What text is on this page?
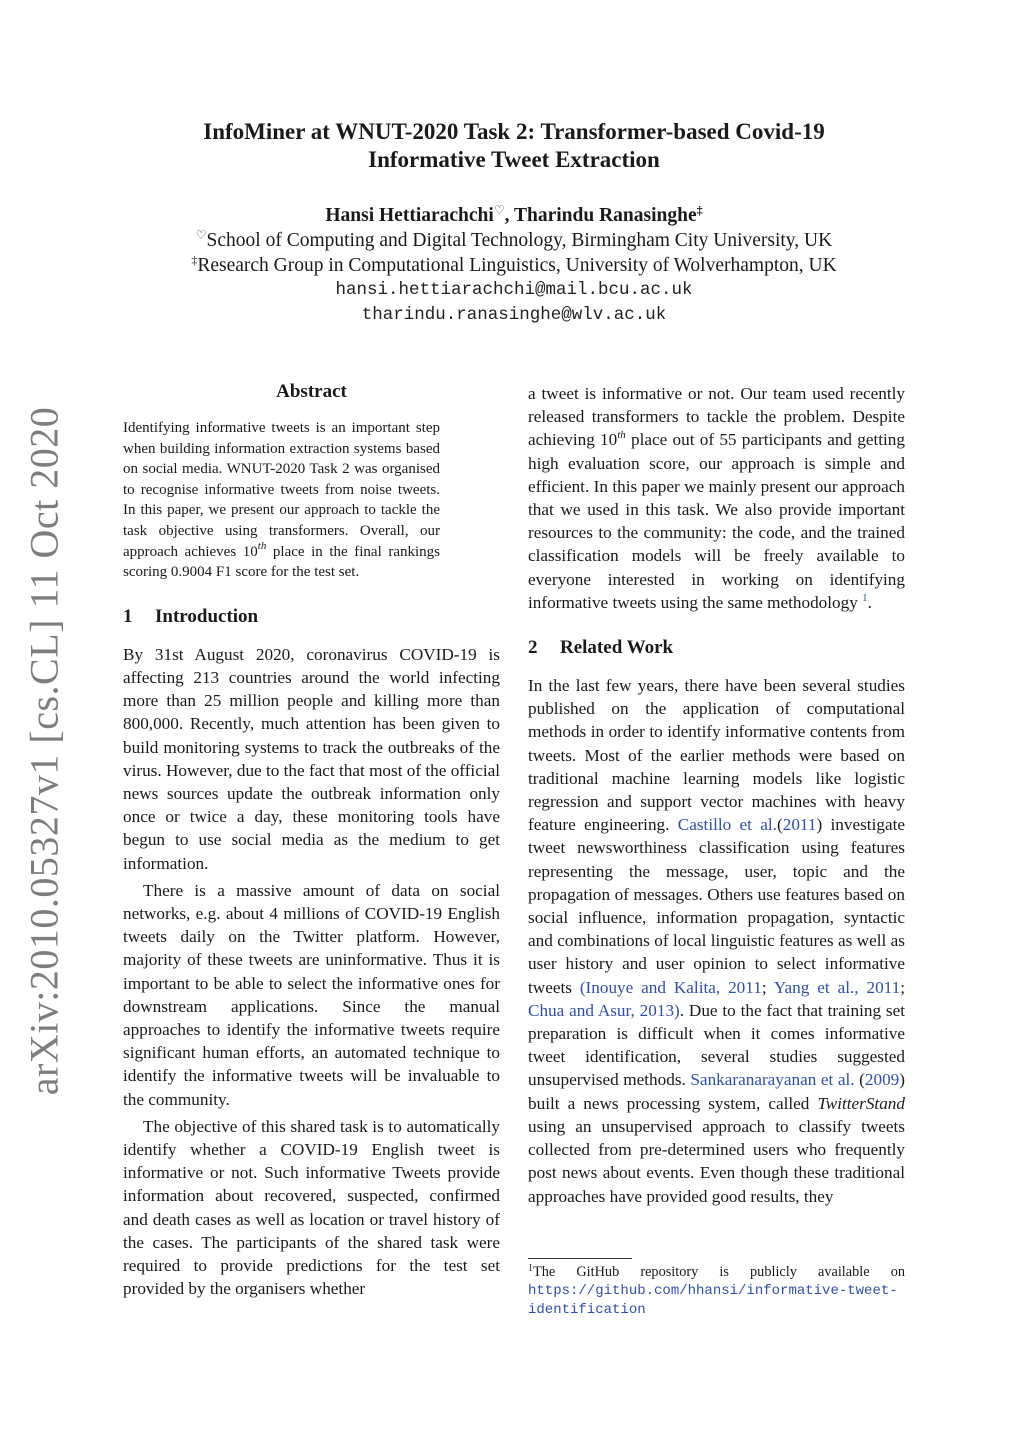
arXiv:2010.05327v1 [cs.CL] 11 Oct 2020
InfoMiner at WNUT-2020 Task 2: Transformer-based Covid-19
Informative Tweet Extraction
Hansi Hettiarachchi♡, Tharindu Ranasinghe‡
♡School of Computing and Digital Technology, Birmingham City University, UK
‡Research Group in Computational Linguistics, University of Wolverhampton, UK
hansi.hettiarachchi@mail.bcu.ac.uk
tharindu.ranasinghe@wlv.ac.uk
Abstract

Identifying informative tweets is an important step when building information extraction systems based on social media. WNUT-2020 Task 2 was organised to recognise informative tweets from noise tweets. In this paper, we present our approach to tackle the task objective using transformers. Overall, our approach achieves 10th place in the final rankings scoring 0.9004 F1 score for the test set.

1 Introduction

By 31st August 2020, coronavirus COVID-19 is affecting 213 countries around the world infecting more than 25 million people and killing more than 800,000. Recently, much attention has been given to build monitoring systems to track the outbreaks of the virus. However, due to the fact that most of the official news sources update the outbreak information only once or twice a day, these monitoring tools have begun to use social media as the medium to get information.

There is a massive amount of data on social networks, e.g. about 4 millions of COVID-19 English tweets daily on the Twitter platform. However, majority of these tweets are uninformative. Thus it is important to be able to select the informative ones for downstream applications. Since the manual approaches to identify the informative tweets require significant human efforts, an automated technique to identify the informative tweets will be invaluable to the community.

The objective of this shared task is to automatically identify whether a COVID-19 English tweet is informative or not. Such informative Tweets provide information about recovered, suspected, confirmed and death cases as well as location or travel history of the cases. The participants of the shared task were required to provide predictions for the test set provided by the organisers whether

a tweet is informative or not. Our team used recently released transformers to tackle the problem. Despite achieving 10th place out of 55 participants and getting high evaluation score, our approach is simple and efficient. In this paper we mainly present our approach that we used in this task. We also provide important resources to the community: the code, and the trained classification models will be freely available to everyone interested in working on identifying informative tweets using the same methodology $^1$.

2 Related Work

In the last few years, there have been several studies published on the application of computational methods in order to identify informative contents from tweets. Most of the earlier methods were based on traditional machine learning models like logistic regression and support vector machines with heavy feature engineering. Castillo et al.(2011) investigate tweet newsworthiness classification using features representing the message, user, topic and the propagation of messages. Others use features based on social influence, information propagation, syntactic and combinations of local linguistic features as well as user history and user opinion to select informative tweets (Inouye and Kalita, 2011; Yang et al., 2011; Chua and Asur, 2013). Due to the fact that training set preparation is difficult when it comes informative tweet identification, several studies suggested unsupervised methods. Sankaranarayanan et al. (2009) built a news processing system, called TwitterStand using an unsupervised approach to classify tweets collected from pre-determined users who frequently post news about events. Even though these traditional approaches have provided good results, they

$^1$The GitHub repository is publicly available on https://github.com/hhansi/informative-tweet-identification
